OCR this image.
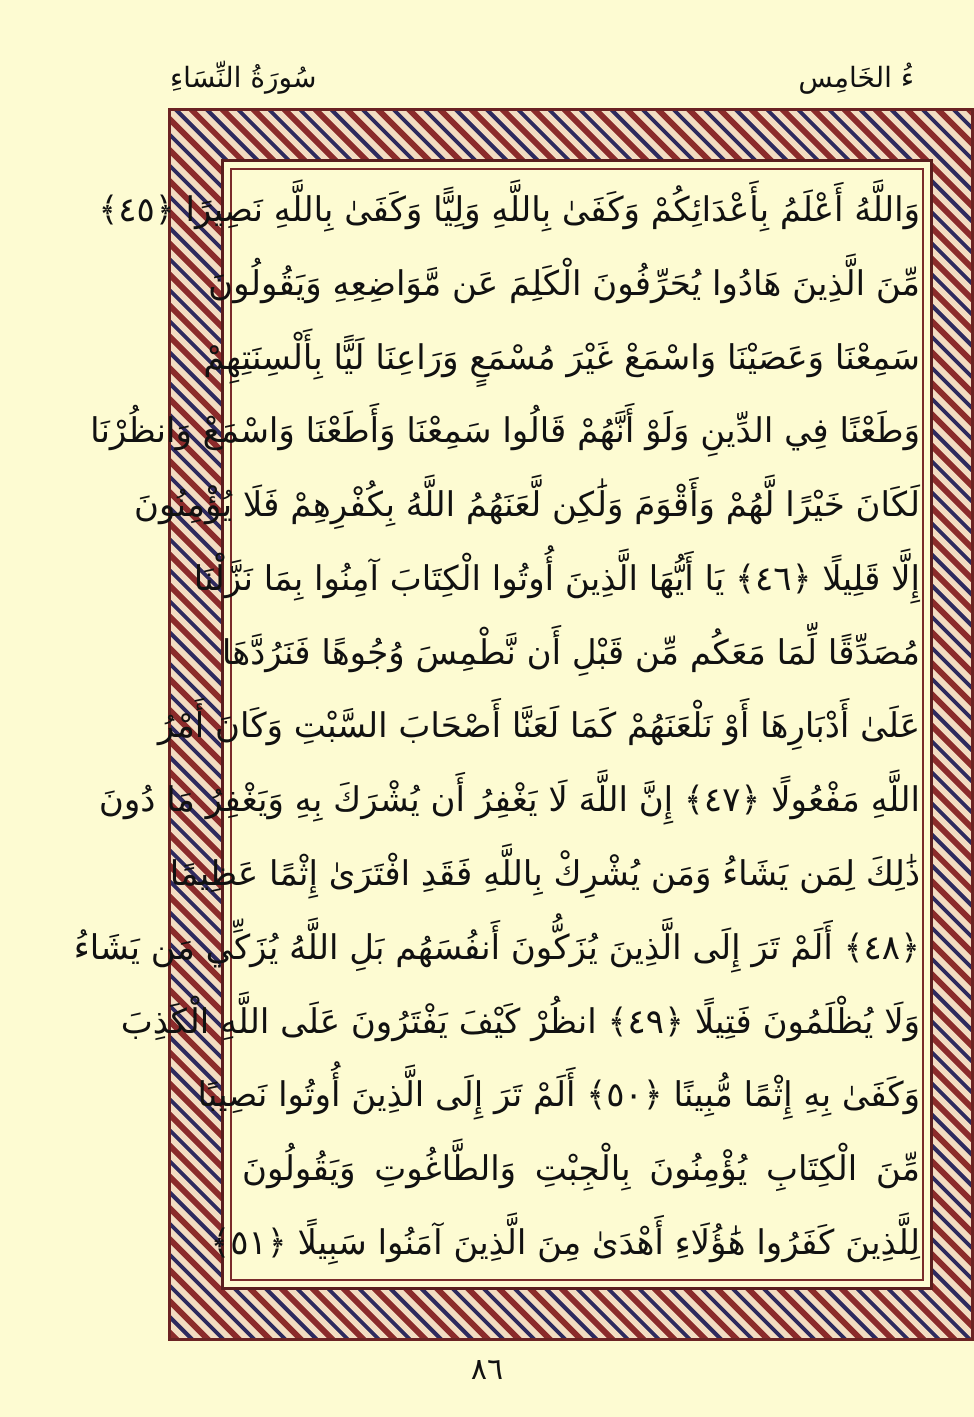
ءُ الخَامِس
سُورَةُ النِّسَاءِ
وَاللَّهُ أَعْلَمُ بِأَعْدَائِكُمْ وَكَفَىٰ بِاللَّهِ وَلِيًّا وَكَفَىٰ بِاللَّهِ نَصِيرًا ﴿٤٥﴾
مِّنَ الَّذِينَ هَادُوا يُحَرِّفُونَ الْكَلِمَ عَن مَّوَاضِعِهِ وَيَقُولُونَ
سَمِعْنَا وَعَصَيْنَا وَاسْمَعْ غَيْرَ مُسْمَعٍ وَرَاعِنَا لَيًّا بِأَلْسِنَتِهِمْ
وَطَعْنًا فِي الدِّينِ وَلَوْ أَنَّهُمْ قَالُوا سَمِعْنَا وَأَطَعْنَا وَاسْمَعْ وَانظُرْنَا
لَكَانَ خَيْرًا لَّهُمْ وَأَقْوَمَ وَلَٰكِن لَّعَنَهُمُ اللَّهُ بِكُفْرِهِمْ فَلَا يُؤْمِنُونَ
إِلَّا قَلِيلًا ﴿٤٦﴾ يَا أَيُّهَا الَّذِينَ أُوتُوا الْكِتَابَ آمِنُوا بِمَا نَزَّلْنَا
مُصَدِّقًا لِّمَا مَعَكُم مِّن قَبْلِ أَن نَّطْمِسَ وُجُوهًا فَنَرُدَّهَا
عَلَىٰ أَدْبَارِهَا أَوْ نَلْعَنَهُمْ كَمَا لَعَنَّا أَصْحَابَ السَّبْتِ وَكَانَ أَمْرُ
اللَّهِ مَفْعُولًا ﴿٤٧﴾ إِنَّ اللَّهَ لَا يَغْفِرُ أَن يُشْرَكَ بِهِ وَيَغْفِرُ مَا دُونَ
ذَٰلِكَ لِمَن يَشَاءُ وَمَن يُشْرِكْ بِاللَّهِ فَقَدِ افْتَرَىٰ إِثْمًا عَظِيمًا
﴿٤٨﴾ أَلَمْ تَرَ إِلَى الَّذِينَ يُزَكُّونَ أَنفُسَهُم بَلِ اللَّهُ يُزَكِّي مَن يَشَاءُ
وَلَا يُظْلَمُونَ فَتِيلًا ﴿٤٩﴾ انظُرْ كَيْفَ يَفْتَرُونَ عَلَى اللَّهِ الْكَذِبَ
وَكَفَىٰ بِهِ إِثْمًا مُّبِينًا ﴿٥٠﴾ أَلَمْ تَرَ إِلَى الَّذِينَ أُوتُوا نَصِيبًا
مِّنَ الْكِتَابِ يُؤْمِنُونَ بِالْجِبْتِ وَالطَّاغُوتِ وَيَقُولُونَ
لِلَّذِينَ كَفَرُوا هَٰؤُلَاءِ أَهْدَىٰ مِنَ الَّذِينَ آمَنُوا سَبِيلًا ﴿٥١﴾
٨٦
